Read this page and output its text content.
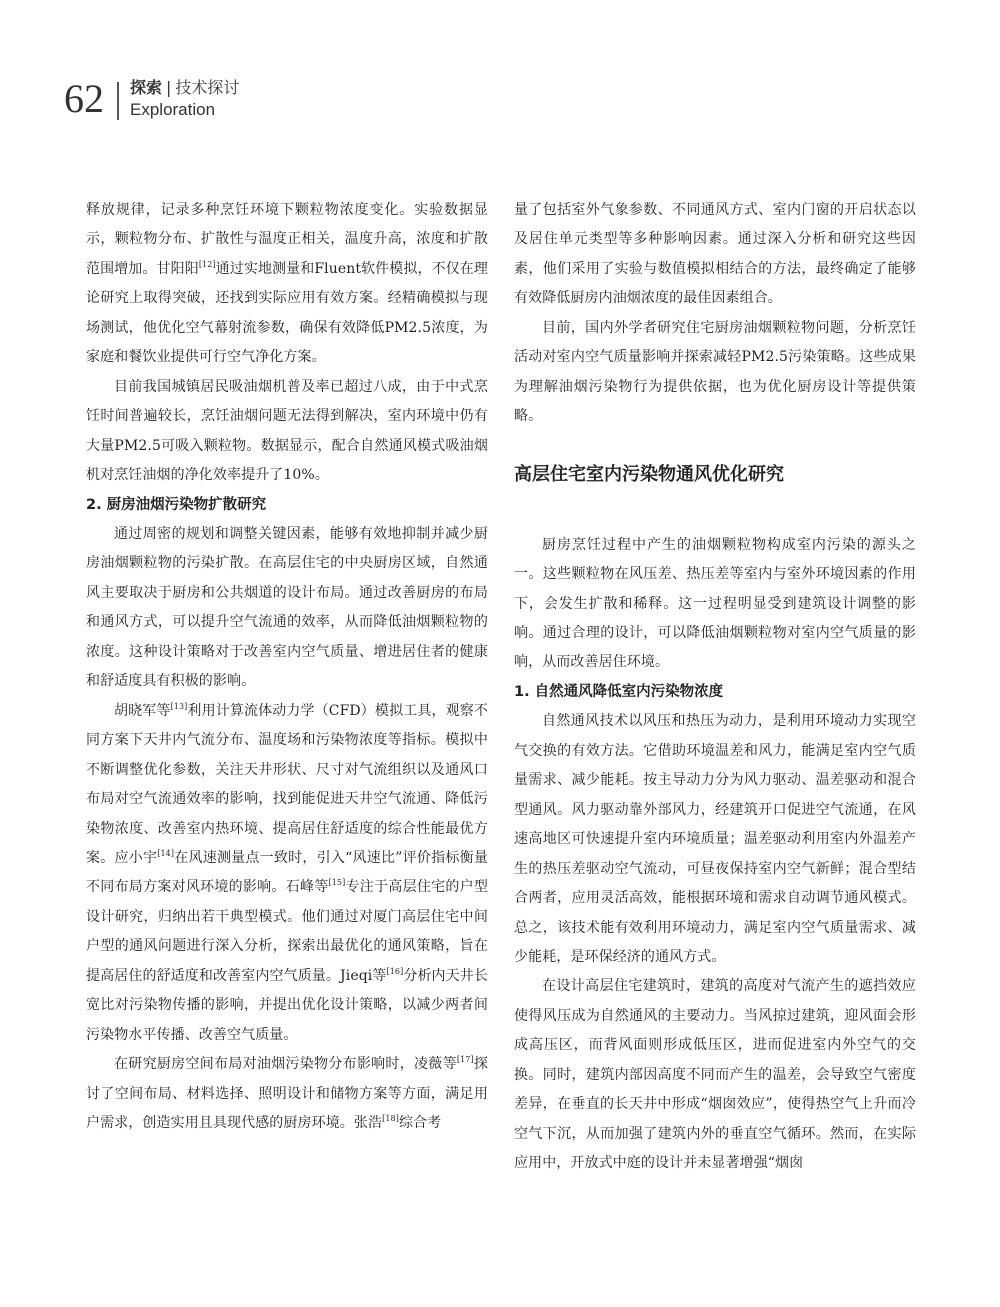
62 探索 | 技术探讨
Exploration

释放规律，记录多种烹饪环境下颗粒物浓度变化。实验数据显示，颗粒物分布、扩散性与温度正相关，温度升高，浓度和扩散范围增加。甘阳阳[12]通过实地测量和Fluent软件模拟，不仅在理论研究上取得突破，还找到实际应用有效方案。经精确模拟与现场测试，他优化空气幕射流参数，确保有效降低PM2.5浓度，为家庭和餐饮业提供可行空气净化方案。

目前我国城镇居民吸油烟机普及率已超过八成，由于中式烹饪时间普遍较长，烹饪油烟问题无法得到解决，室内环境中仍有大量PM2.5可吸入颗粒物。数据显示，配合自然通风模式吸油烟机对烹饪油烟的净化效率提升了10%。

2. 厨房油烟污染物扩散研究

通过周密的规划和调整关键因素，能够有效地抑制并减少厨房油烟颗粒物的污染扩散。在高层住宅的中央厨房区域，自然通风主要取决于厨房和公共烟道的设计布局。通过改善厨房的布局和通风方式，可以提升空气流通的效率，从而降低油烟颗粒物的浓度。这种设计策略对于改善室内空气质量、增进居住者的健康和舒适度具有积极的影响。

胡晓军等[13]利用计算流体动力学（CFD）模拟工具，观察不同方案下天井内气流分布、温度场和污染物浓度等指标。模拟中不断调整优化参数，关注天井形状、尺寸对气流组织以及通风口布局对空气流通效率的影响，找到能促进天井空气流通、降低污染物浓度、改善室内热环境、提高居住舒适度的综合性能最优方案。应小宇[14]在风速测量点一致时，引入“风速比”评价指标衡量不同布局方案对风环境的影响。石峰等[15]专注于高层住宅的户型设计研究，归纳出若干典型模式。他们通过对厦门高层住宅中间户型的通风问题进行深入分析，探索出最优化的通风策略，旨在提高居住的舒适度和改善室内空气质量。Jieqi等[16]分析内天井长宽比对污染物传播的影响，并提出优化设计策略，以减少两者间污染物水平传播、改善空气质量。

在研究厨房空间布局对油烟污染物分布影响时，凌薇等[17]探讨了空间布局、材料选择、照明设计和储物方案等方面，满足用户需求，创造实用且具现代感的厨房环境。张浩[18]综合考

量了包括室外气象参数、不同通风方式、室内门窗的开启状态以及居住单元类型等多种影响因素。通过深入分析和研究这些因素，他们采用了实验与数值模拟相结合的方法，最终确定了能够有效降低厨房内油烟浓度的最佳因素组合。

目前，国内外学者研究住宅厨房油烟颗粒物问题，分析烹饪活动对室内空气质量影响并探索减轻PM2.5污染策略。这些成果为理解油烟污染物行为提供依据，也为优化厨房设计等提供策略。

高层住宅室内污染物通风优化研究

厨房烹饪过程中产生的油烟颗粒物构成室内污染的源头之一。这些颗粒物在风压差、热压差等室内与室外环境因素的作用下，会发生扩散和稀释。这一过程明显受到建筑设计调整的影响。通过合理的设计，可以降低油烟颗粒物对室内空气质量的影响，从而改善居住环境。

1. 自然通风降低室内污染物浓度

自然通风技术以风压和热压为动力，是利用环境动力实现空气交换的有效方法。它借助环境温差和风力，能满足室内空气质量需求、减少能耗。按主导动力分为风力驱动、温差驱动和混合型通风。风力驱动靠外部风力，经建筑开口促进空气流通，在风速高地区可快速提升室内环境质量；温差驱动利用室内外温差产生的热压差驱动空气流动，可昼夜保持室内空气新鲜；混合型结合两者，应用灵活高效，能根据环境和需求自动调节通风模式。总之，该技术能有效利用环境动力，满足室内空气质量需求、减少能耗，是环保经济的通风方式。

在设计高层住宅建筑时，建筑的高度对气流产生的遮挡效应使得风压成为自然通风的主要动力。当风掠过建筑，迎风面会形成高压区，而背风面则形成低压区，进而促进室内外空气的交换。同时，建筑内部因高度不同而产生的温差，会导致空气密度差异，在垂直的长天井中形成“烟囱效应”，使得热空气上升而冷空气下沉，从而加强了建筑内外的垂直空气循环。然而，在实际应用中，开放式中庭的设计并未显著增强“烟囱
